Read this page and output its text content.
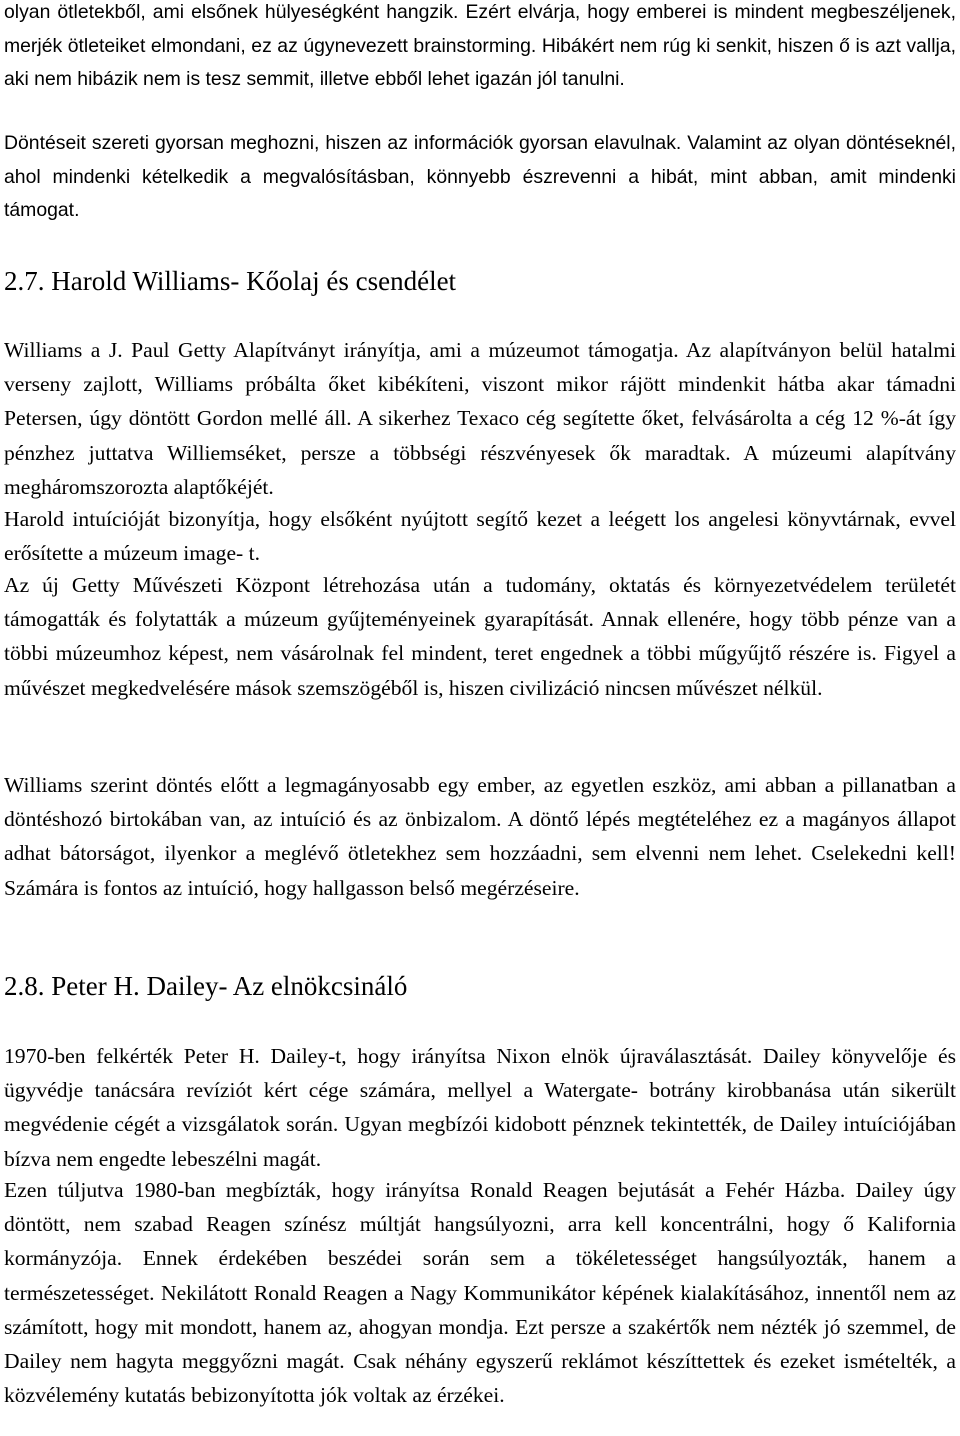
olyan ötletekből, ami elsőnek hülyeségként hangzik. Ezért elvárja, hogy emberei is mindent megbeszéljenek, merjék ötleteiket elmondani, ez az úgynevezett brainstorming. Hibákért nem rúg ki senkit, hiszen ő is azt vallja, aki nem hibázik nem is tesz semmit, illetve ebből lehet igazán jól tanulni.

Döntéseit szereti gyorsan meghozni, hiszen az információk gyorsan elavulnak. Valamint az olyan döntéseknél, ahol mindenki kételkedik a megvalósításban, könnyebb észrevenni a hibát, mint abban, amit mindenki támogat.

2.7. Harold Williams- Kőolaj és csendélet

Williams a J. Paul Getty Alapítványt irányítja, ami a múzeumot támogatja. Az alapítványon belül hatalmi verseny zajlott, Williams próbálta őket kibékíteni, viszont mikor rájött mindenkit hátba akar támadni Petersen, úgy döntött Gordon mellé áll. A sikerhez Texaco cég segítette őket, felvásárolta a cég 12 %-át így pénzhez juttatva Williemséket, persze a többségi részvényesek ők maradtak. A múzeumi alapítvány megháromszorozta alaptőkéjét.

Harold intuícióját bizonyítja, hogy elsőként nyújtott segítő kezet a leégett los angelesi könyvtárnak, evvel erősítette a múzeum image- t.

Az új Getty Művészeti Központ létrehozása után a tudomány, oktatás és környezetvédelem területét támogatták és folytatták a múzeum gyűjteményeinek gyarapítását. Annak ellenére, hogy több pénze van a többi múzeumhoz képest, nem vásárolnak fel mindent, teret engednek a többi műgyűjtő részére is. Figyel a művészet megkedvelésére mások szemszögéből is, hiszen civilizáció nincsen művészet nélkül.

Williams szerint döntés előtt a legmagányosabb egy ember, az egyetlen eszköz, ami abban a pillanatban a döntéshozó birtokában van, az intuíció és az önbizalom. A döntő lépés megtételéhez ez a magányos állapot adhat bátorságot, ilyenkor a meglévő ötletekhez sem hozzáadni, sem elvenni nem lehet. Cselekedni kell! Számára is fontos az intuíció, hogy hallgasson belső megérzéseire.

2.8. Peter H. Dailey- Az elnökcsináló

1970-ben felkérték Peter H. Dailey-t, hogy irányítsa Nixon elnök újraválasztását. Dailey könyvelője és ügyvédje tanácsára revíziót kért cége számára, mellyel a Watergate- botrány kirobbanása után sikerült megvédenie cégét a vizsgálatok során. Ugyan megbízói kidobott pénznek tekintették, de Dailey intuíciójában bízva nem engedte lebeszélni magát.

Ezen túljutva 1980-ban megbízták, hogy irányítsa Ronald Reagen bejutását a Fehér Házba. Dailey úgy döntött, nem szabad Reagen színész múltját hangsúlyozni, arra kell koncentrálni, hogy ő Kalifornia kormányzója. Ennek érdekében beszédei során sem a tökéletességet hangsúlyozták, hanem a természetességet. Nekilátott Ronald Reagen a Nagy Kommunikátor képének kialakításához, innentől nem az számított, hogy mit mondott, hanem az, ahogyan mondja. Ezt persze a szakértők nem nézték jó szemmel, de Dailey nem hagyta meggyőzni magát. Csak néhány egyszerű reklámot készíttettek és ezeket ismételték, a közvélemény kutatás bebizonyította jók voltak az érzékei.
